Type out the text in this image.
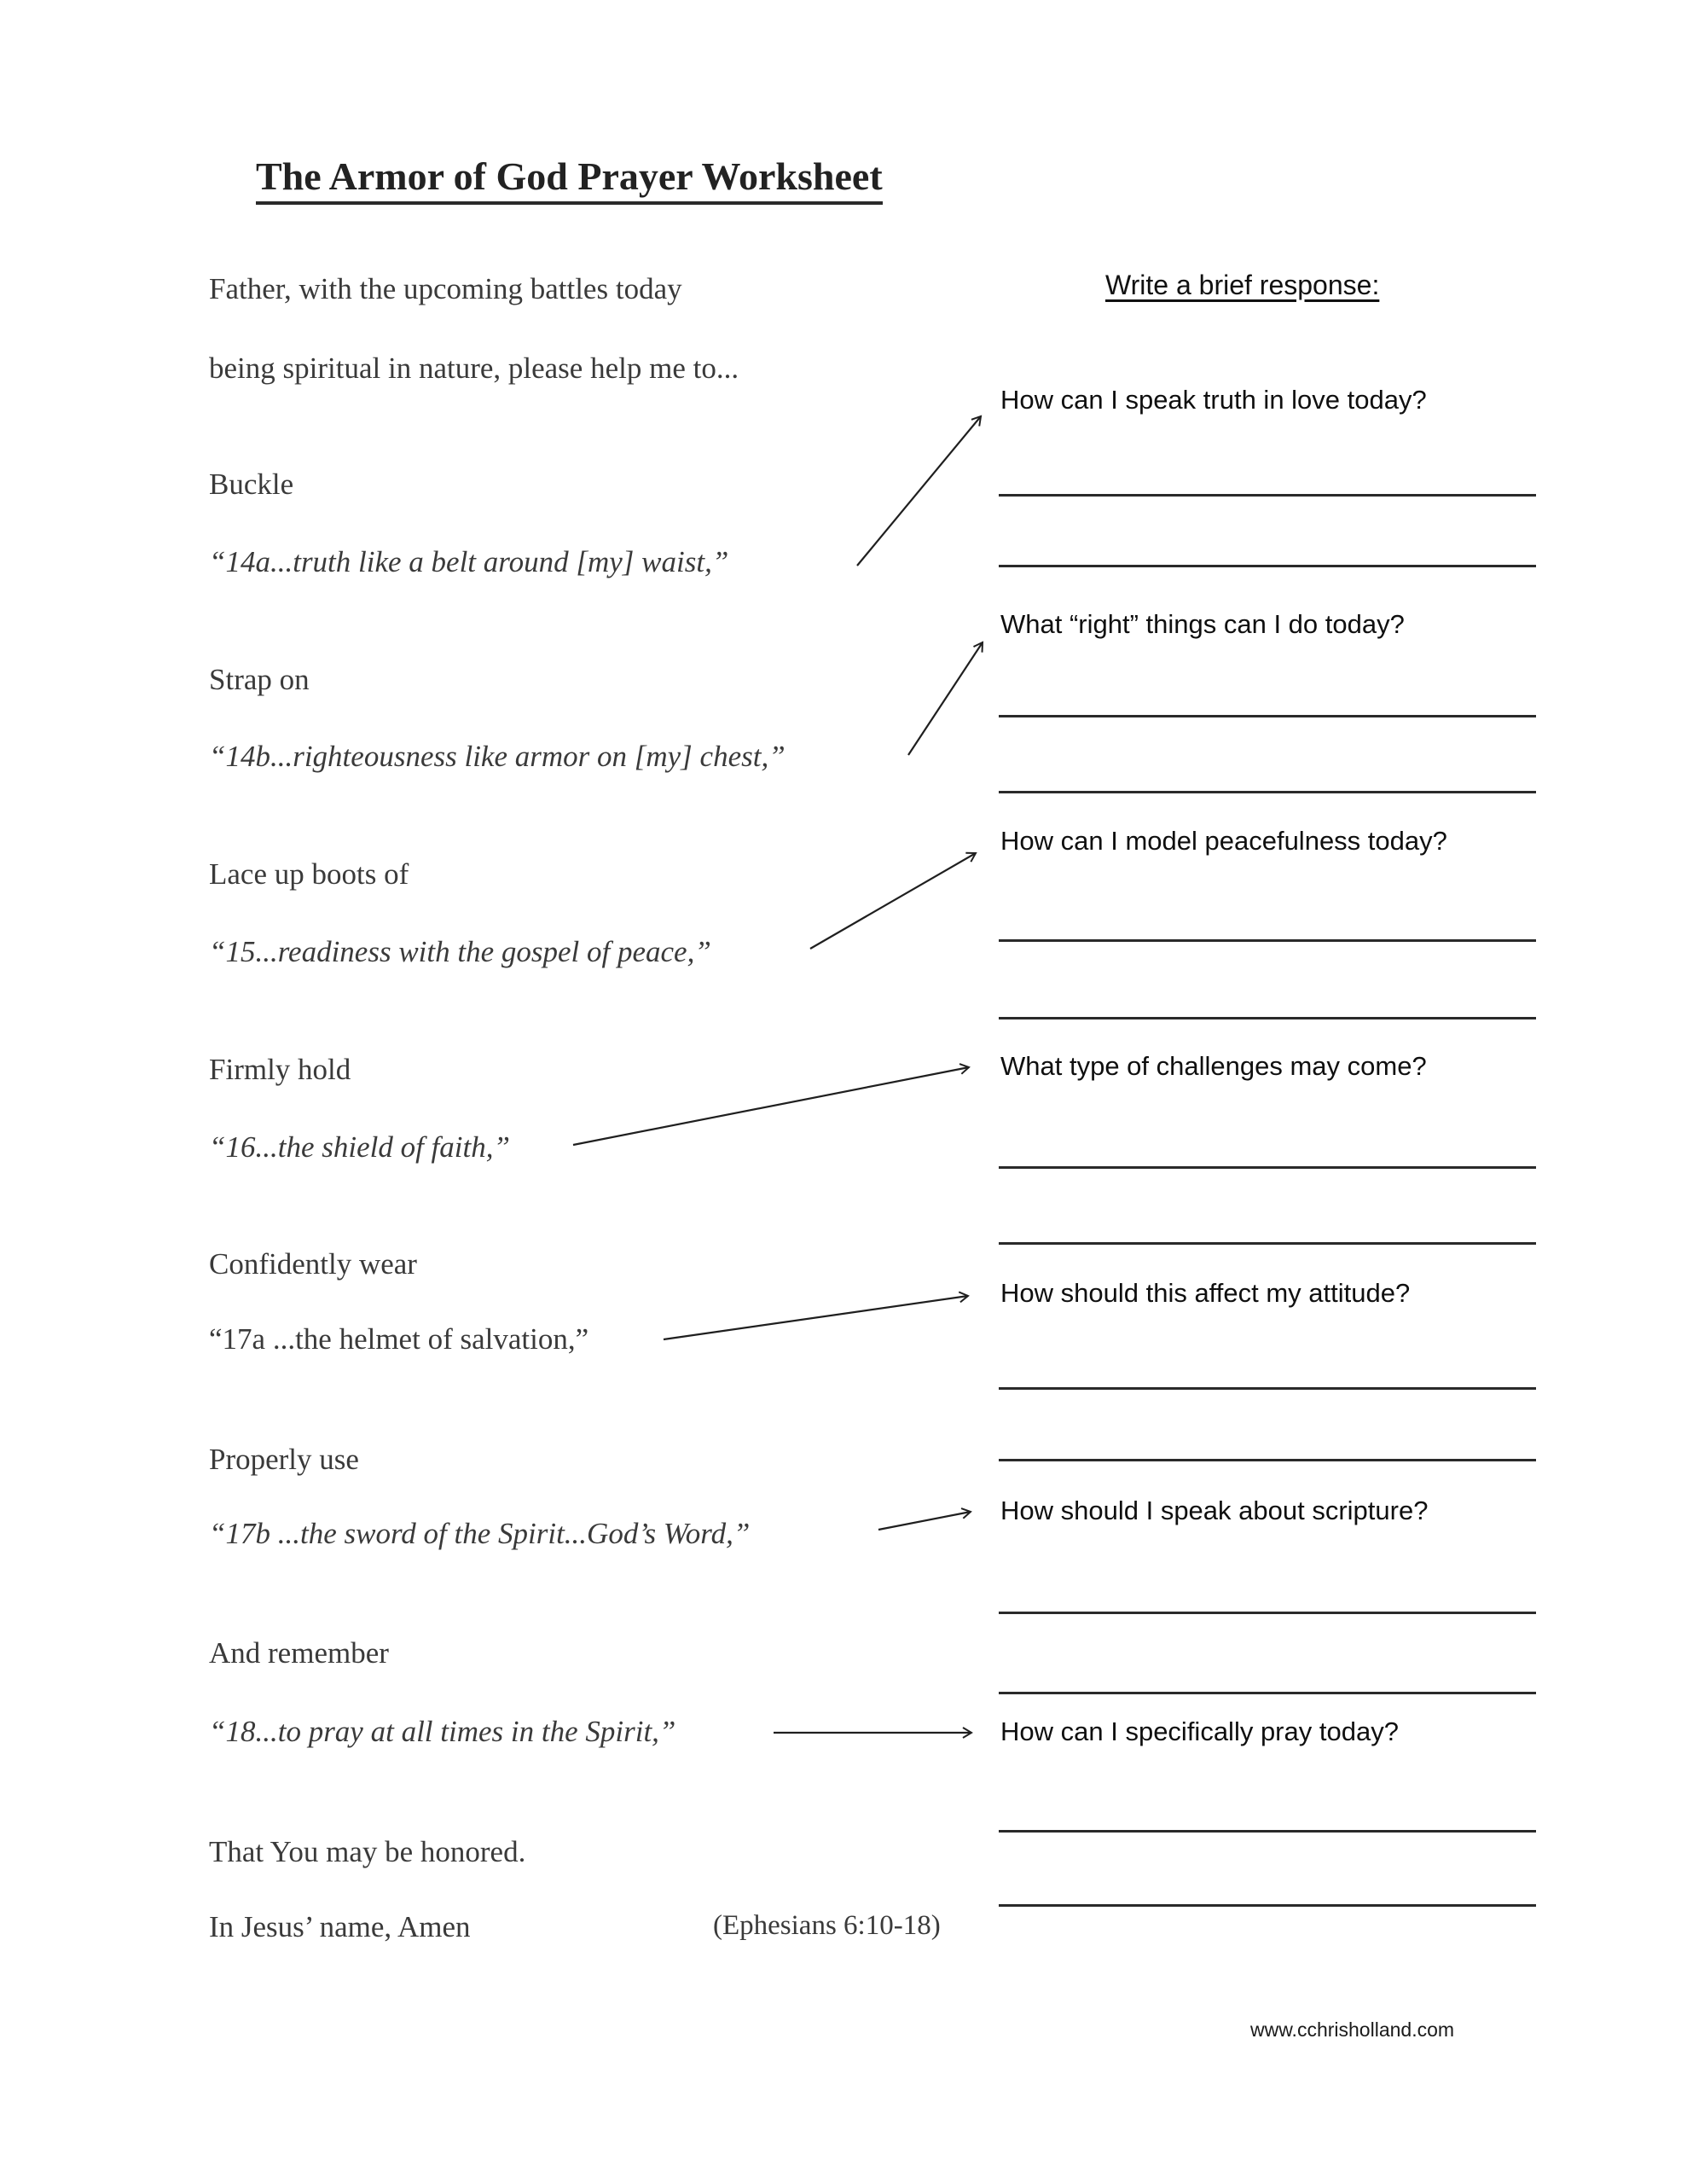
The Armor of God Prayer Worksheet
Father, with the upcoming battles today
being spiritual in nature, please help me to...
Write a brief response:
Buckle
“14a...truth like a belt around [my] waist,”
Strap on
“14b...righteousness like armor on [my] chest,”
Lace up boots of
“15...readiness with the gospel of peace,”
Firmly hold
“16...the shield of faith,”
Confidently wear
“17a ...the helmet of salvation,”
Properly use
“17b ...the sword of the Spirit...God’s Word,”
And remember
“18...to pray at all times in the Spirit,”
That You may be honored.
In Jesus’ name, Amen	(Ephesians 6:10-18)
How can I speak truth in love today?
What “right” things can I do today?
How can I model peacefulness today?
What type of challenges may come?
How should this affect my attitude?
How should I speak about scripture?
How can I specifically pray today?
www.cchrisholland.com
